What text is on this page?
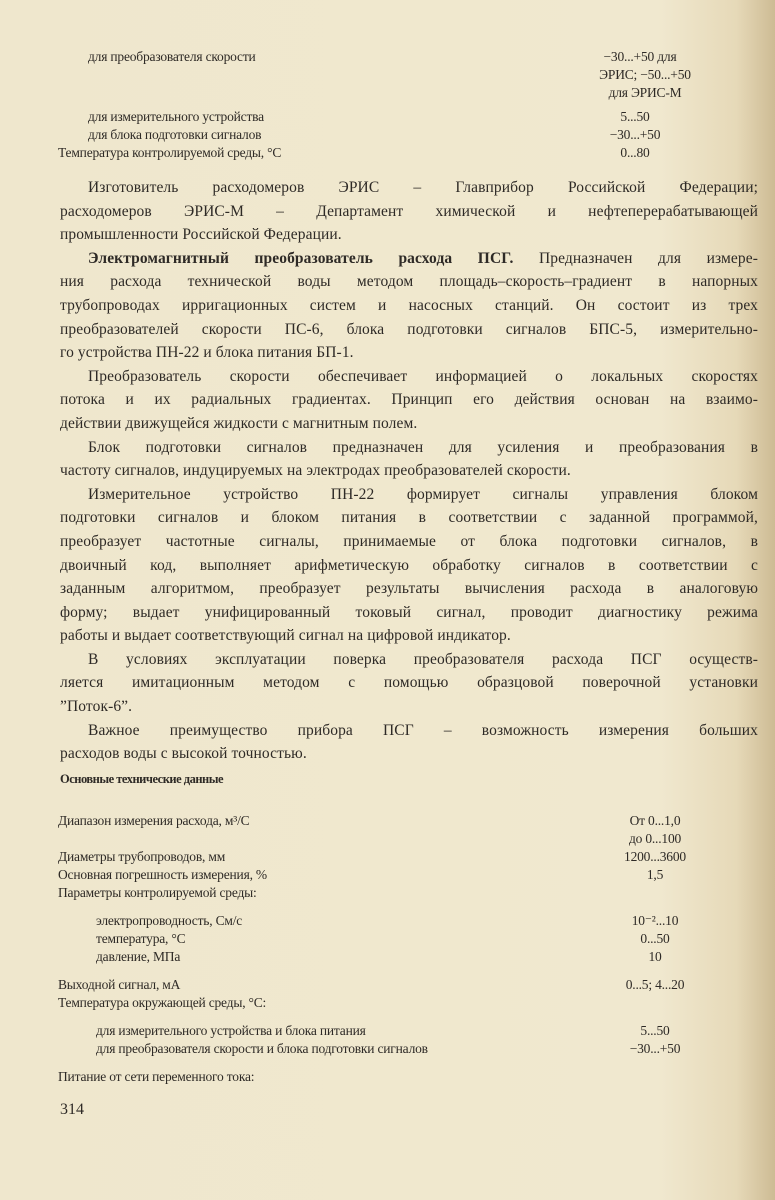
для преобразователя скорости	−30...+50 для
ЭРИС; −50...+50
для ЭРИС-М
для измерительного устройства	5...50
для блока подготовки сигналов	−30...+50
Температура контролируемой среды, °С	0...80
Изготовитель расходомеров ЭРИС – Главприбор Российской Федерации;
расходомеров ЭРИС-М – Департамент химической и нефтеперерабатывающей
промышленности Российской Федерации.
Электромагнитный преобразователь расхода ПСГ. Предназначен для измере-
ния расхода технической воды методом площадь–скорость–градиент в напорных
трубопроводах ирригационных систем и насосных станций. Он состоит из трех
преобразователей скорости ПС-6, блока подготовки сигналов БПС-5, измерительно-
го устройства ПН-22 и блока питания БП-1.
Преобразователь скорости обеспечивает информацией о локальных скоростях
потока и их радиальных градиентах. Принцип его действия основан на взаимо-
действии движущейся жидкости с магнитным полем.
Блок подготовки сигналов предназначен для усиления и преобразования в
частоту сигналов, индуцируемых на электродах преобразователей скорости.
Измерительное устройство ПН-22 формирует сигналы управления блоком
подготовки сигналов и блоком питания в соответствии с заданной программой,
преобразует частотные сигналы, принимаемые от блока подготовки сигналов, в
двоичный код, выполняет арифметическую обработку сигналов в соответствии с
заданным алгоритмом, преобразует результаты вычисления расхода в аналоговую
форму; выдает унифицированный токовый сигнал, проводит диагностику режима
работы и выдает соответствующий сигнал на цифровой индикатор.
В условиях эксплуатации поверка преобразователя расхода ПСГ осуществ-
ляется имитационным методом с помощью образцовой поверочной установки
”Поток-6”.
Важное преимущество прибора ПСГ – возможность измерения больших
расходов воды с высокой точностью.
Основные технические данные
Диапазон измерения расхода, м³/С	От 0...1,0
до 0...100
Диаметры трубопроводов, мм	1200...3600
Основная погрешность измерения, %	1,5
Параметры контролируемой среды:
электропроводность, См/с	10⁻²...10
температура, °С	0...50
давление, МПа	10
Выходной сигнал, мА	0...5; 4...20
Температура окружающей среды, °С:
для измерительного устройства и блока питания	5...50
для преобразователя скорости и блока подготовки сигналов	−30...+50
Питание от сети переменного тока:
314
